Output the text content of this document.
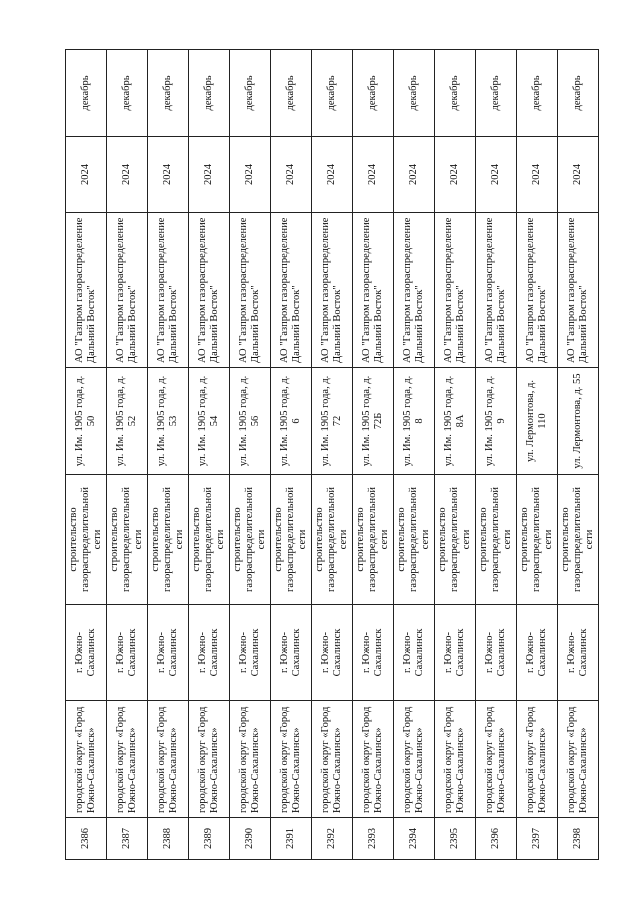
2386	городской округ «Город Южно-Сахалинск»	г. Южно-Сахалинск	строительство газораспределительной сети	ул. Им. 1905 года, д. 50	АО "Газпром газораспределение Дальний Восток"	2024	декабрь
2387	городской округ «Город Южно-Сахалинск»	г. Южно-Сахалинск	строительство газораспределительной сети	ул. Им. 1905 года, д. 52	АО "Газпром газораспределение Дальний Восток"	2024	декабрь
2388	городской округ «Город Южно-Сахалинск»	г. Южно-Сахалинск	строительство газораспределительной сети	ул. Им. 1905 года, д. 53	АО "Газпром газораспределение Дальний Восток"	2024	декабрь
2389	городской округ «Город Южно-Сахалинск»	г. Южно-Сахалинск	строительство газораспределительной сети	ул. Им. 1905 года, д. 54	АО "Газпром газораспределение Дальний Восток"	2024	декабрь
2390	городской округ «Город Южно-Сахалинск»	г. Южно-Сахалинск	строительство газораспределительной сети	ул. Им. 1905 года, д. 56	АО "Газпром газораспределение Дальний Восток"	2024	декабрь
2391	городской округ «Город Южно-Сахалинск»	г. Южно-Сахалинск	строительство газораспределительной сети	ул. Им. 1905 года, д. 6	АО "Газпром газораспределение Дальний Восток"	2024	декабрь
2392	городской округ «Город Южно-Сахалинск»	г. Южно-Сахалинск	строительство газораспределительной сети	ул. Им. 1905 года, д. 72	АО "Газпром газораспределение Дальний Восток"	2024	декабрь
2393	городской округ «Город Южно-Сахалинск»	г. Южно-Сахалинск	строительство газораспределительной сети	ул. Им. 1905 года, д. 72Б	АО "Газпром газораспределение Дальний Восток"	2024	декабрь
2394	городской округ «Город Южно-Сахалинск»	г. Южно-Сахалинск	строительство газораспределительной сети	ул. Им. 1905 года, д. 8	АО "Газпром газораспределение Дальний Восток"	2024	декабрь
2395	городской округ «Город Южно-Сахалинск»	г. Южно-Сахалинск	строительство газораспределительной сети	ул. Им. 1905 года, д. 8А	АО "Газпром газораспределение Дальний Восток"	2024	декабрь
2396	городской округ «Город Южно-Сахалинск»	г. Южно-Сахалинск	строительство газораспределительной сети	ул. Им. 1905 года, д. 9	АО "Газпром газораспределение Дальний Восток"	2024	декабрь
2397	городской округ «Город Южно-Сахалинск»	г. Южно-Сахалинск	строительство газораспределительной сети	ул. Лермонтова, д. 110	АО "Газпром газораспределение Дальний Восток"	2024	декабрь
2398	городской округ «Город Южно-Сахалинск»	г. Южно-Сахалинск	строительство газораспределительной сети	ул. Лермонтова, д. 55	АО "Газпром газораспределение Дальний Восток"	2024	декабрь
